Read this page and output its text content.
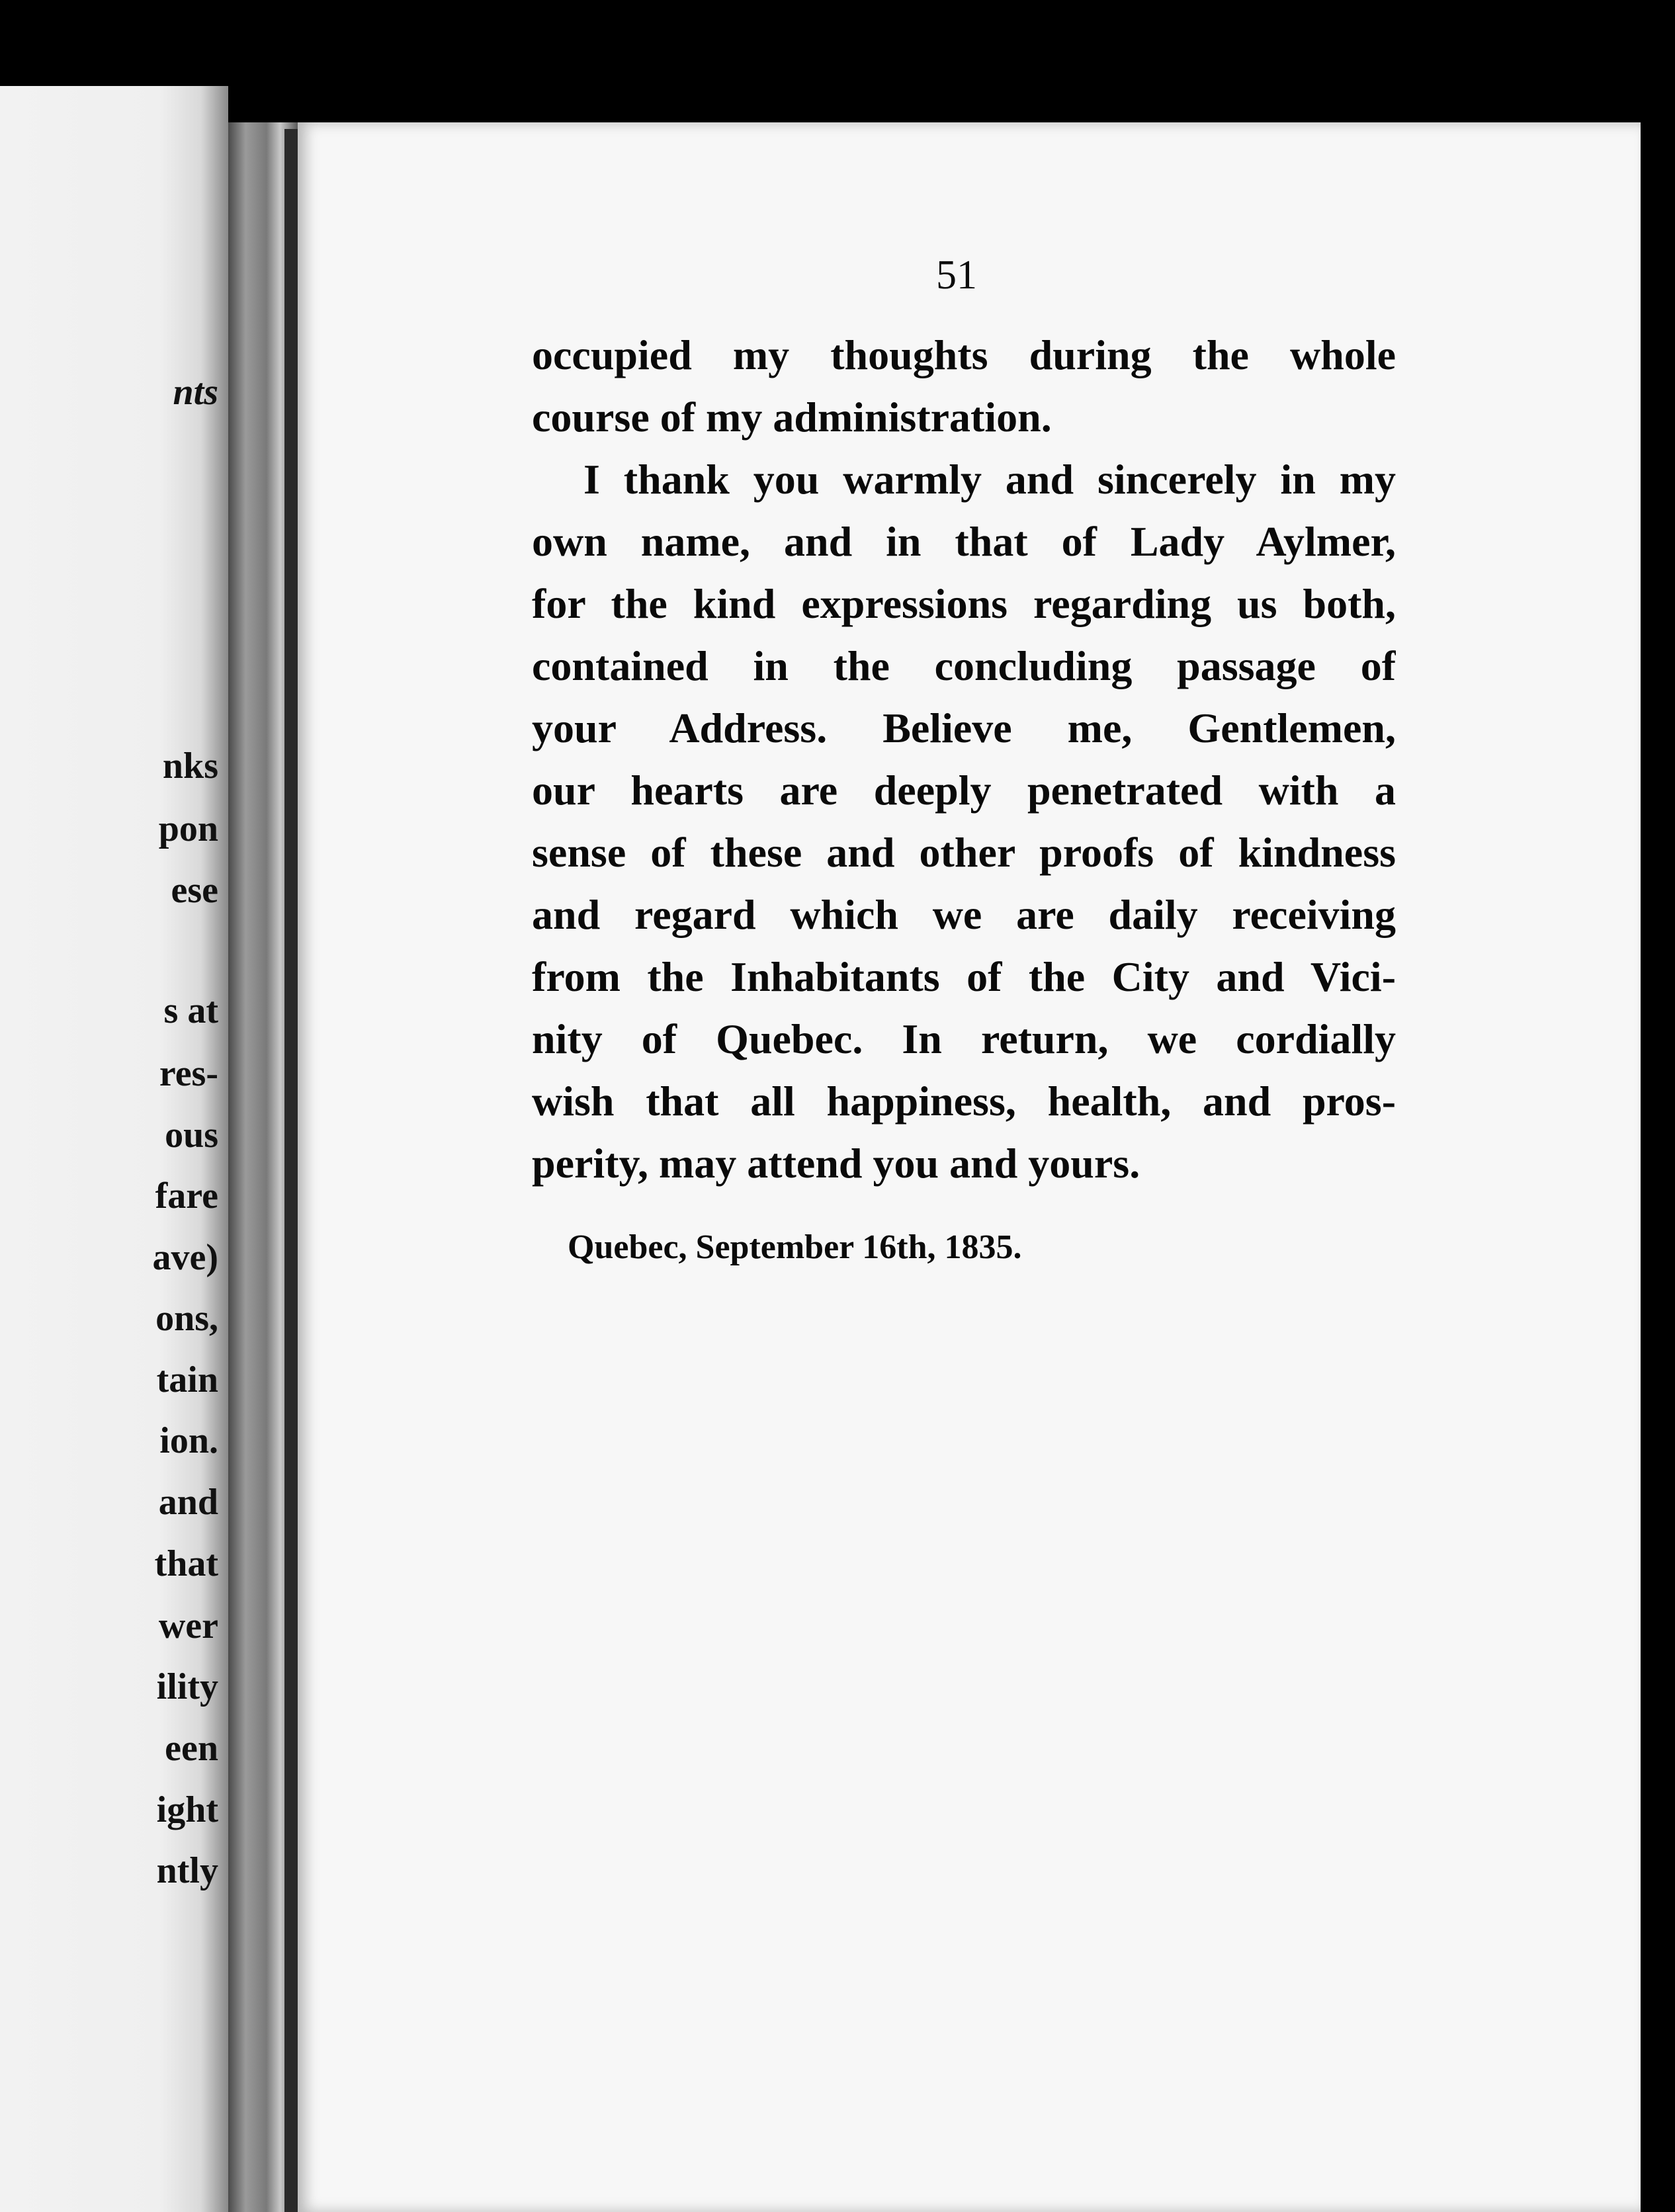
nts
nks
pon
ese
s at
res-
ous
fare
ave)
ons,
tain
ion.
and
that
wer
ility
een
ight
ntly
51
occupied my thoughts during the whole
course of my administration.
I thank you warmly and sincerely in my
own name, and in that of Lady Aylmer,
for the kind expressions regarding us both,
contained in the concluding passage of
your Address. Believe me, Gentlemen,
our hearts are deeply penetrated with a
sense of these and other proofs of kindness
and regard which we are daily receiving
from the Inhabitants of the City and Vici-
nity of Quebec. In return, we cordially
wish that all happiness, health, and pros-
perity, may attend you and yours.
Quebec, September 16th, 1835.
